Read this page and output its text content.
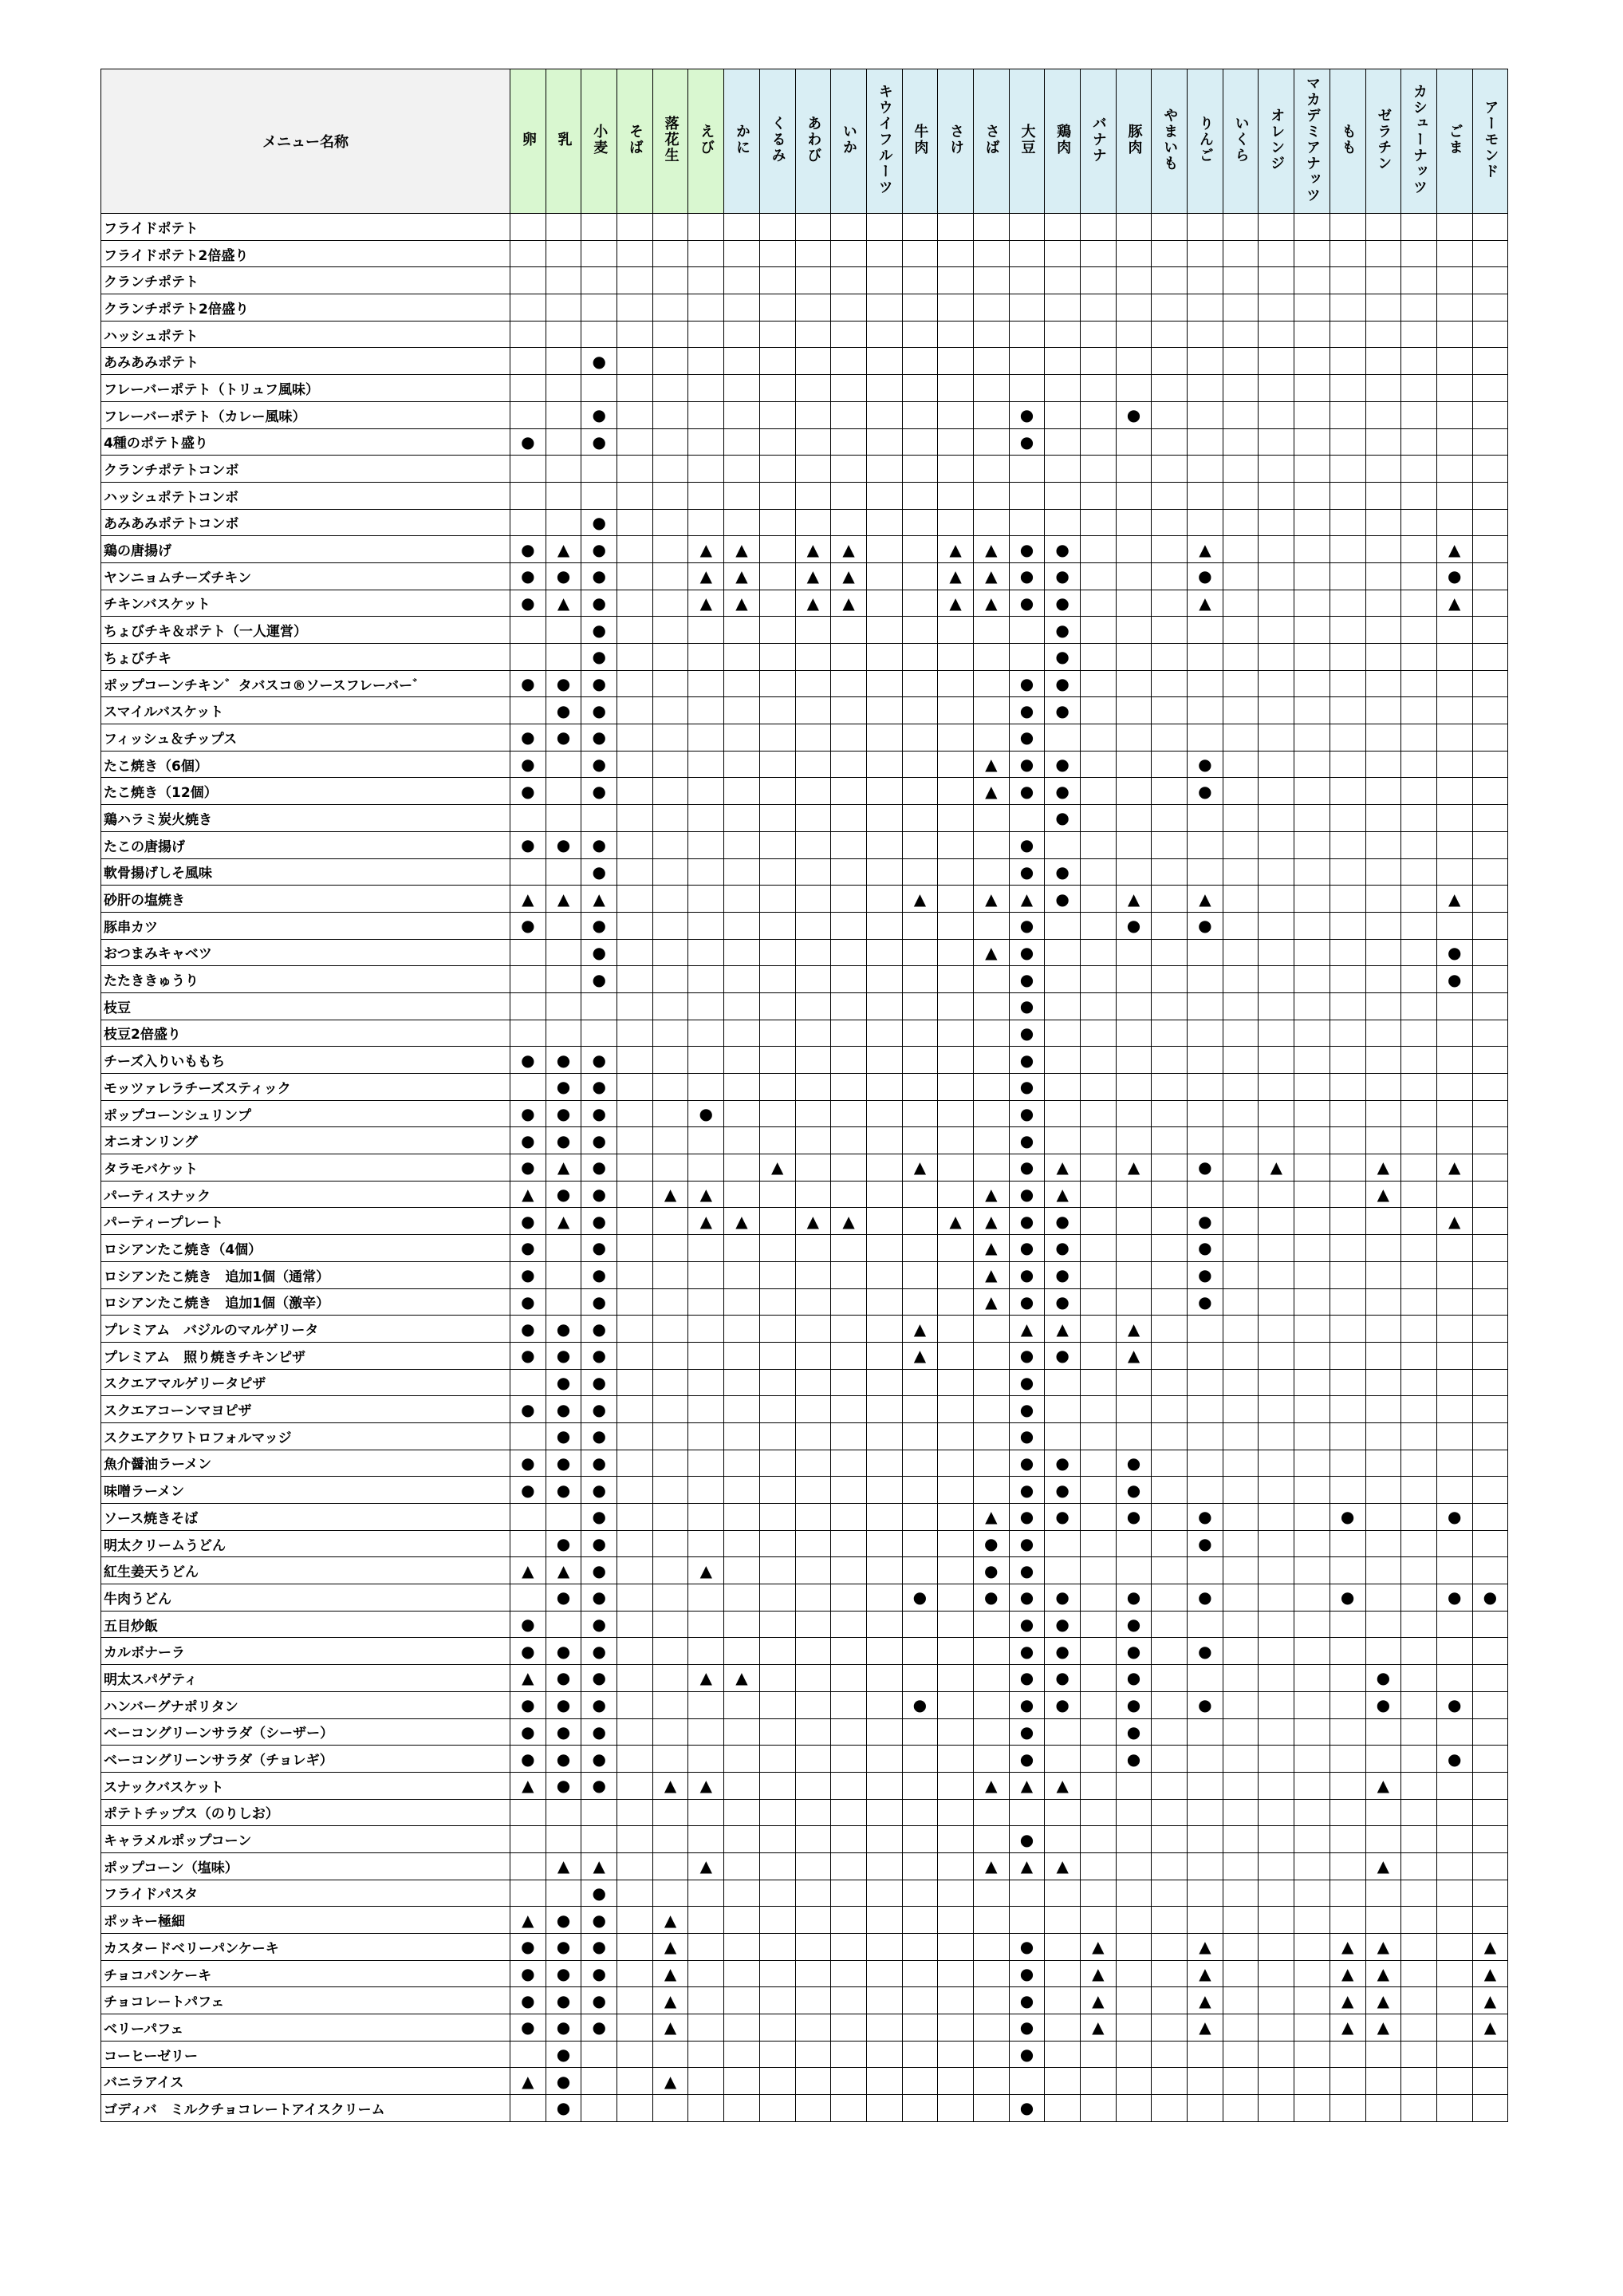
メニュー名称	卵	乳	小麦	そば	落花生	えび	かに	くるみ	あわび	いか	キウイフルーツ	牛肉	さけ	さば	大豆	鶏肉	バナナ	豚肉	やまいも	りんご	いくら	オレンジ	マカデミアナッツ	もも	ゼラチン	カシューナッツ	ごま	アーモンド
フライドポテト																												
フライドポテト2倍盛り																												
クランチポテト																												
クランチポテト2倍盛り																												
ハッシュポテト																												
あみあみポテト			●																									
フレーバーポテト（トリュフ風味）																												
フレーバーポテト（カレー風味）			●												●			●										
4種のポテト盛り	●		●												●													
クランチポテトコンボ																												
ハッシュポテトコンボ																												
あみあみポテトコンボ			●																									
鶏の唐揚げ	●	▲	●			▲	▲		▲	▲			▲	▲	●	●				▲							▲	
ヤンニョムチーズチキン	●	●	●			▲	▲		▲	▲			▲	▲	●	●				●							●	
チキンバスケット	●	▲	●			▲	▲		▲	▲			▲	▲	●	●				▲							▲	
ちょびチキ＆ポテト（一人運営）			●													●												
ちょびチキ			●													●												
ポップコーンチキン゛タバスコ®ソースフレーバー゛	●	●	●												●	●												
スマイルバスケット		●	●												●	●												
フィッシュ＆チップス	●	●	●												●													
たこ焼き（6個）	●		●											▲	●	●				●								
たこ焼き（12個）	●		●											▲	●	●				●								
鶏ハラミ炭火焼き																●												
たこの唐揚げ	●	●	●												●													
軟骨揚げしそ風味			●												●	●												
砂肝の塩焼き	▲	▲	▲									▲		▲	▲	●		▲		▲							▲	
豚串カツ	●		●												●			●		●								
おつまみキャベツ			●											▲	●												●	
たたききゅうり			●												●												●	
枝豆															●													
枝豆2倍盛り															●													
チーズ入りいももち	●	●	●												●													
モッツァレラチーズスティック		●	●												●													
ポップコーンシュリンプ	●	●	●			●									●													
オニオンリング	●	●	●												●													
タラモバケット	●	▲	●					▲				▲			●	▲		▲		●		▲			▲		▲	
パーティスナック	▲	●	●		▲	▲								▲	●	▲									▲			
パーティープレート	●	▲	●			▲	▲		▲	▲			▲	▲	●	●				●							▲	
ロシアンたこ焼き（4個）	●		●											▲	●	●				●								
ロシアンたこ焼き　追加1個（通常）	●		●											▲	●	●				●								
ロシアンたこ焼き　追加1個（激辛）	●		●											▲	●	●				●								
プレミアム　バジルのマルゲリータ	●	●	●									▲			▲	▲		▲										
プレミアム　照り焼きチキンピザ	●	●	●									▲			●	●		▲										
スクエアマルゲリータピザ		●	●												●													
スクエアコーンマヨピザ	●	●	●												●													
スクエアクワトロフォルマッジ		●	●												●													
魚介醤油ラーメン	●	●	●												●	●		●										
味噌ラーメン	●	●	●												●	●		●										
ソース焼きそば			●											▲	●	●		●		●				●			●	
明太クリームうどん		●	●											●	●					●								
紅生姜天うどん	▲	▲	●			▲								●	●													
牛肉うどん		●	●									●		●	●	●		●		●				●			●	●
五目炒飯	●		●												●	●		●										
カルボナーラ	●	●	●												●	●		●		●								
明太スパゲティ	▲	●	●			▲	▲								●	●		●							●			
ハンバーグナポリタン	●	●	●									●			●	●		●		●					●		●	
ベーコングリーンサラダ（シーザー）	●	●	●												●			●										
ベーコングリーンサラダ（チョレギ）	●	●	●												●			●									●	
スナックバスケット	▲	●	●		▲	▲								▲	▲	▲									▲			
ポテトチップス（のりしお）																												
キャラメルポップコーン															●													
ポップコーン（塩味）		▲	▲			▲								▲	▲	▲									▲			
フライドパスタ			●																									
ポッキー極細	▲	●	●		▲																							
カスタードベリーパンケーキ	●	●	●		▲										●		▲			▲				▲	▲			▲
チョコパンケーキ	●	●	●		▲										●		▲			▲				▲	▲			▲
チョコレートパフェ	●	●	●		▲										●		▲			▲				▲	▲			▲
ベリーパフェ	●	●	●		▲										●		▲			▲				▲	▲			▲
コーヒーゼリー		●													●													
バニラアイス	▲	●			▲																							
ゴディバ　ミルクチョコレートアイスクリーム		●													●													
